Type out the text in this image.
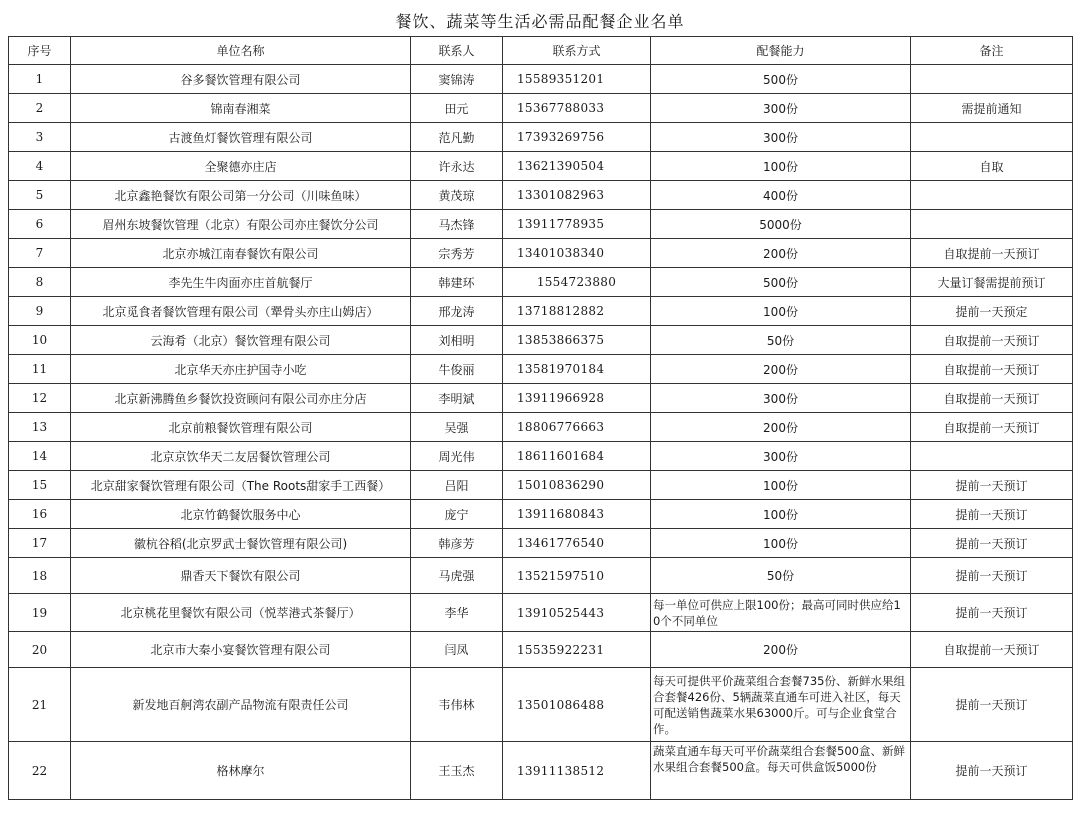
餐饮、蔬菜等生活必需品配餐企业名单
序号	单位名称	联系人	联系方式	配餐能力	备注
1	谷多餐饮管理有限公司	窦锦涛	15589351201	500份	
2	锦南春湘菜	田元	15367788033	300份	需提前通知
3	古渡鱼灯餐饮管理有限公司	范凡勤	17393269756	300份	
4	全聚德亦庄店	许永达	13621390504	100份	自取
5	北京鑫艳餐饮有限公司第一分公司（川味鱼味）	黄茂琼	13301082963	400份	
6	眉州东坡餐饮管理（北京）有限公司亦庄餐饮分公司	马杰锋	13911778935	5000份	
7	北京亦城江南春餐饮有限公司	宗秀芳	13401038340	200份	自取提前一天预订
8	李先生牛肉面亦庄首航餐厅	韩建环	1554723880	500份	大量订餐需提前预订
9	北京觅食者餐饮管理有限公司（犟骨头亦庄山姆店）	邢龙涛	13718812882	100份	提前一天预定
10	云海肴（北京）餐饮管理有限公司	刘相明	13853866375	50份	自取提前一天预订
11	北京华天亦庄护国寺小吃	牛俊丽	13581970184	200份	自取提前一天预订
12	北京新沸腾鱼乡餐饮投资顾问有限公司亦庄分店	李明斌	13911966928	300份	自取提前一天预订
13	北京前粮餐饮管理有限公司	吴强	18806776663	200份	自取提前一天预订
14	北京京饮华天二友居餐饮管理公司	周光伟	18611601684	300份	
15	北京甜家餐饮管理有限公司（The Roots甜家手工西餐）	吕阳	15010836290	100份	提前一天预订
16	北京竹鹤餐饮服务中心	庞宁	13911680843	100份	提前一天预订
17	徽杭谷稻(北京罗武士餐饮管理有限公司)	韩彦芳	13461776540	100份	提前一天预订
18	鼎香天下餐饮有限公司	马虎强	13521597510	50份	提前一天预订
19	北京桃花里餐饮有限公司（悦萃港式茶餐厅）	李华	13910525443	每一单位可供应上限100份；最高可同时供应给10个不同单位	提前一天预订
20	北京市大秦小宴餐饮管理有限公司	闫凤	15535922231	200份	自取提前一天预订
21	新发地百舸湾农副产品物流有限责任公司	韦伟林	13501086488	每天可提供平价蔬菜组合套餐735份、新鲜水果组合套餐426份、5辆蔬菜直通车可进入社区，每天可配送销售蔬菜水果63000斤。可与企业食堂合作。	提前一天预订
22	格林摩尔	王玉杰	13911138512	蔬菜直通车每天可平价蔬菜组合套餐500盒、新鲜水果组合套餐500盒。每天可供盒饭5000份	提前一天预订
